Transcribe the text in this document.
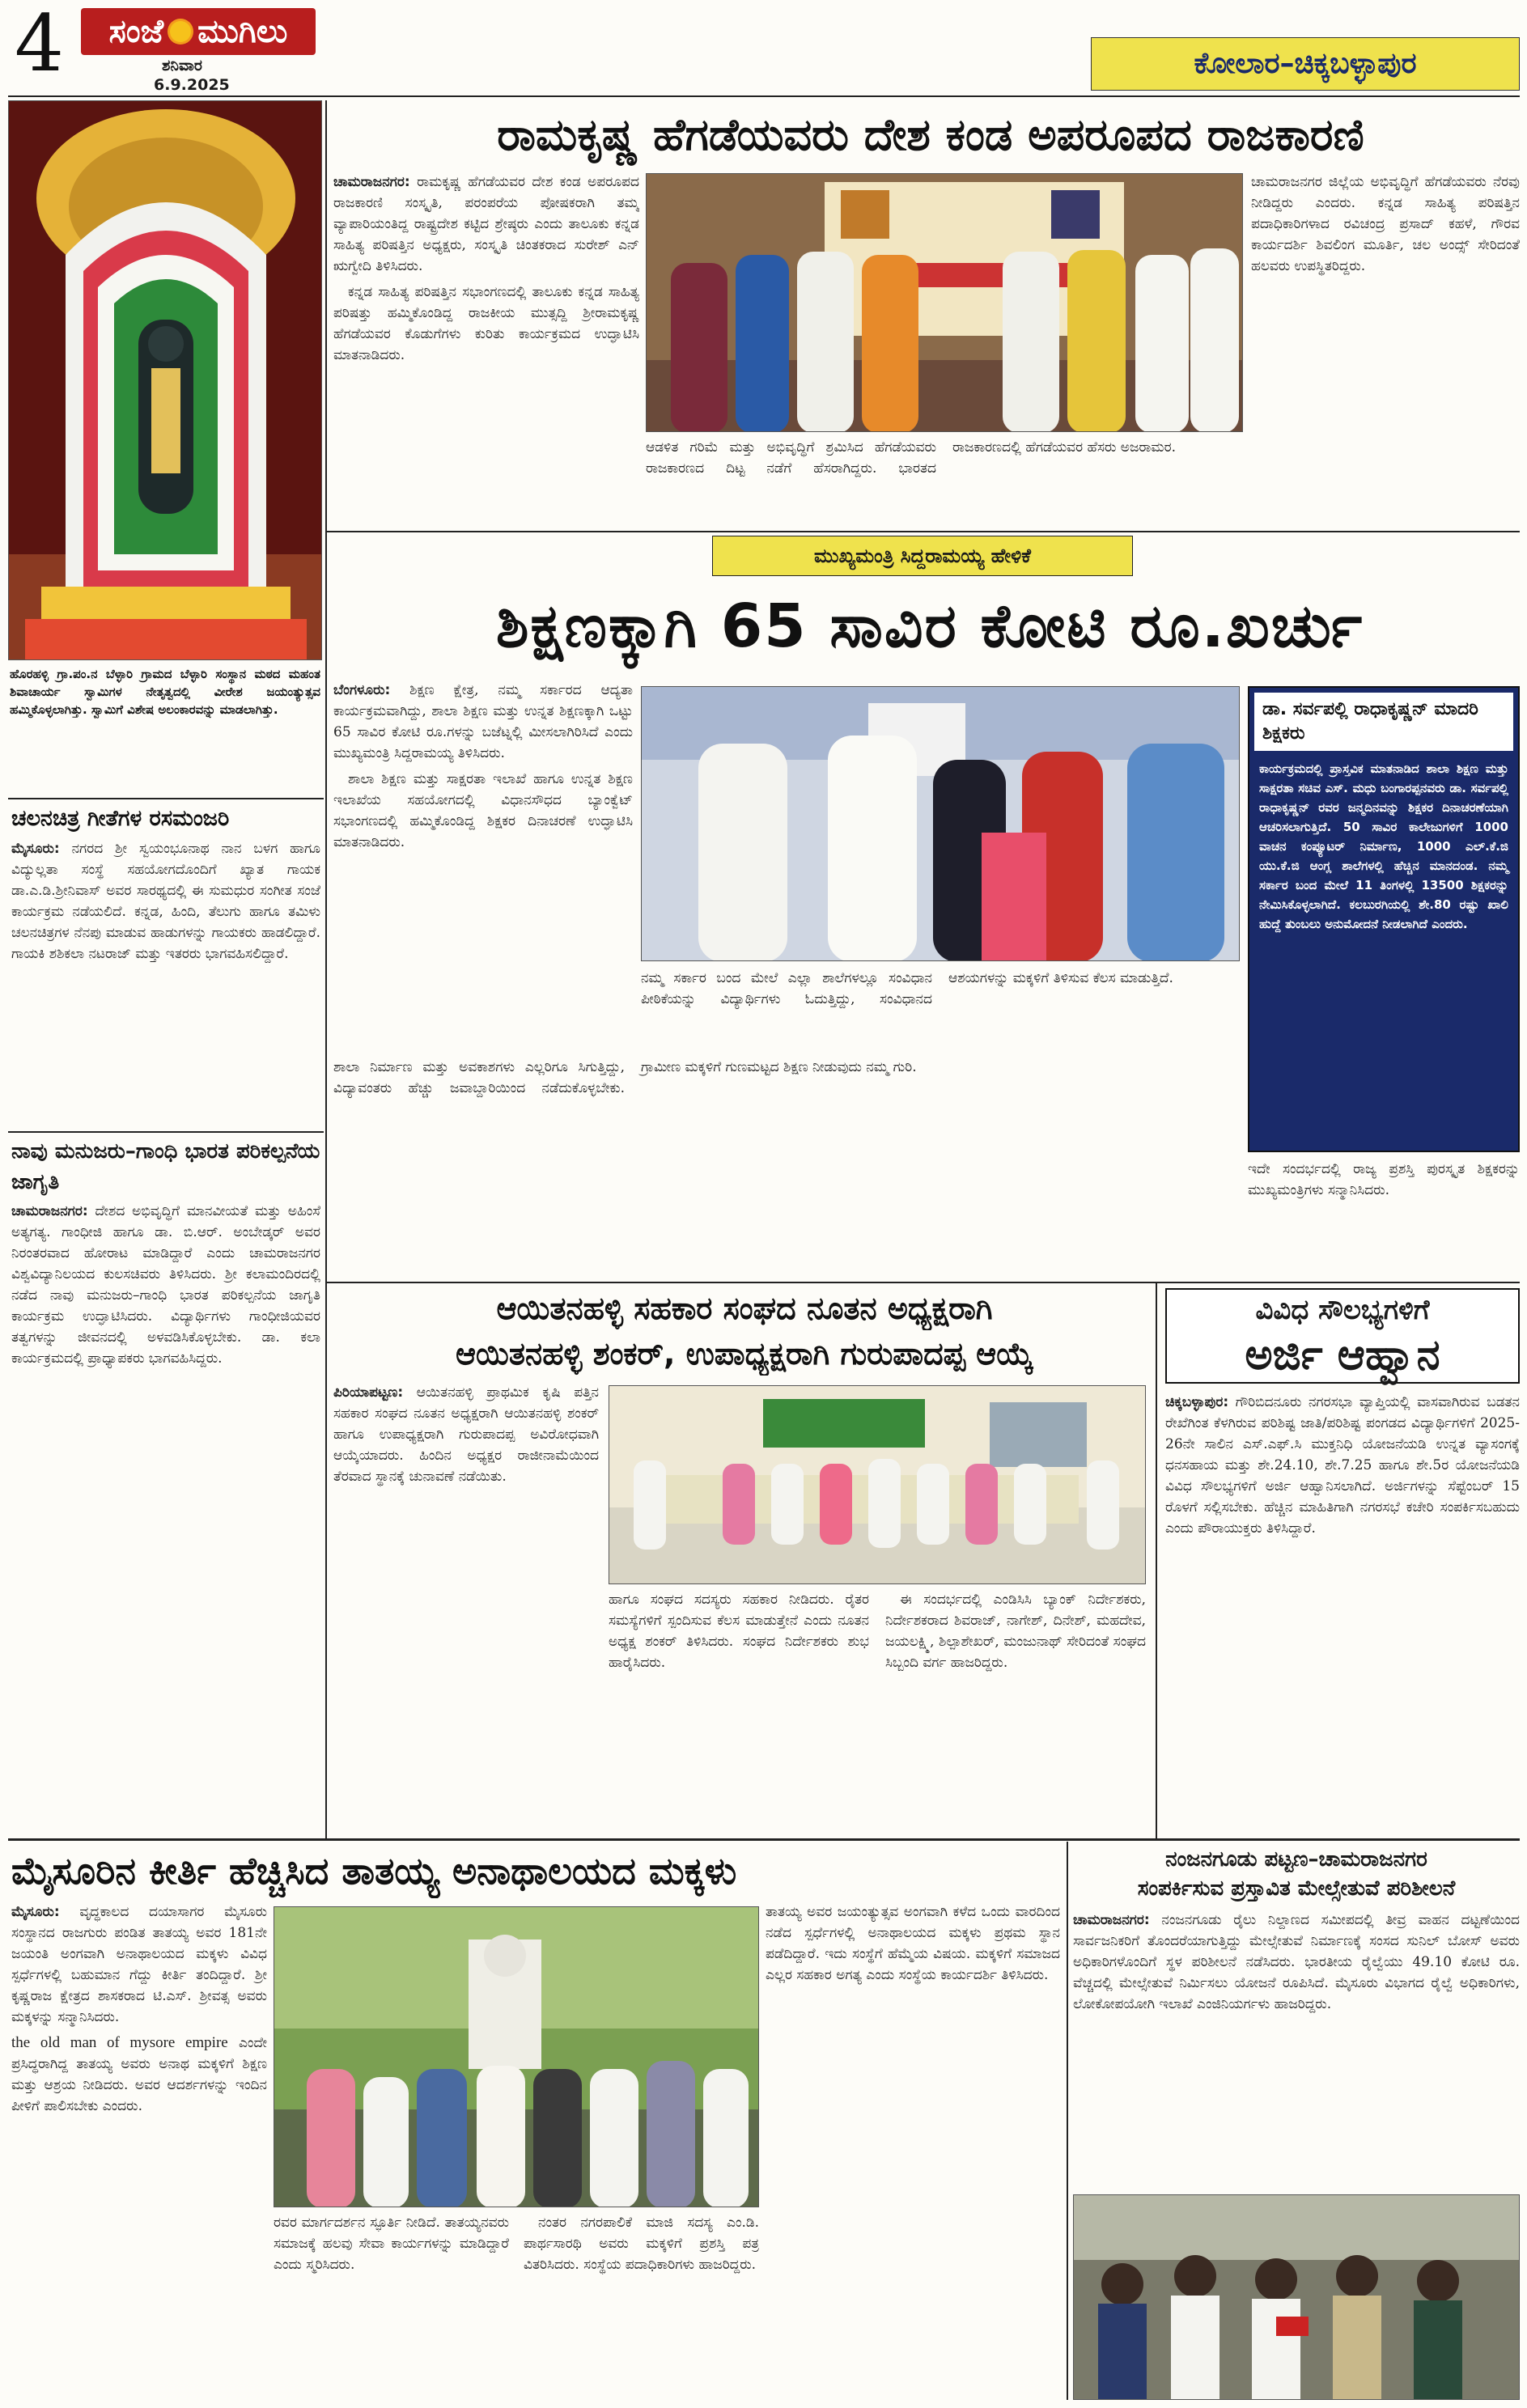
4 ಸಂಜೆ ಮುಗಿಲು
ಶನಿವಾರ
6.9.2025
ಕೋಲಾರ–ಚಿಕ್ಕಬಳ್ಳಾಪುರ
ಹೊರಹಳ್ಳಿ ಗ್ರಾ.ಪಂ.ನ ಬೆಳ್ಳಾರಿ ಗ್ರಾಮದ ಬೆಳ್ಳಾರಿ ಸಂಸ್ಥಾನ ಮಠದ ಮಹಂತ ಶಿವಾಚಾರ್ಯ ಸ್ವಾಮಿಗಳ ನೇತೃತ್ವದಲ್ಲಿ ವೀರೇಶ ಜಯಂತ್ಯುತ್ಸವ ಹಮ್ಮಿಕೊಳ್ಳಲಾಗಿತ್ತು. ಸ್ವಾಮಿಗೆ ವಿಶೇಷ ಅಲಂಕಾರವನ್ನು ಮಾಡಲಾಗಿತ್ತು.
ಚಲನಚಿತ್ರ ಗೀತೆಗಳ ರಸಮಂಜರಿ

ಮೈಸೂರು: ನಗರದ ಶ್ರೀ ಸ್ವಯಂಭೂನಾಥ ನಾನ ಬಳಗ ಹಾಗೂ ವಿದ್ಯುಲ್ಲತಾ ಸಂಸ್ಥೆ ಸಹಯೋಗದೊಂದಿಗೆ ಖ್ಯಾತ ಗಾಯಕ ಡಾ.ಎ.ಡಿ.ಶ್ರೀನಿವಾಸ್ ಅವರ ಸಾರಥ್ಯದಲ್ಲಿ ಈ ಸುಮಧುರ ಸಂಗೀತ ಸಂಜೆ ಕಾರ್ಯಕ್ರಮ ನಡೆಯಲಿದೆ. ಕನ್ನಡ, ಹಿಂದಿ, ತೆಲುಗು ಹಾಗೂ ತಮಿಳು ಚಲನಚಿತ್ರಗಳ ನೆನಪು ಮಾಡುವ ಹಾಡುಗಳನ್ನು ಗಾಯಕರು ಹಾಡಲಿದ್ದಾರೆ. ಗಾಯಕಿ ಶಶಿಕಲಾ ನಟರಾಜ್ ಮತ್ತು ಇತರರು ಭಾಗವಹಿಸಲಿದ್ದಾರೆ.

ನಾವು ಮನುಜರು–ಗಾಂಧಿ ಭಾರತ ಪರಿಕಲ್ಪನೆಯ ಜಾಗೃತಿ

ಚಾಮರಾಜನಗರ: ದೇಶದ ಅಭಿವೃದ್ಧಿಗೆ ಮಾನವೀಯತೆ ಮತ್ತು ಅಹಿಂಸೆ ಅತ್ಯಗತ್ಯ. ಗಾಂಧೀಜಿ ಹಾಗೂ ಡಾ. ಬಿ.ಆರ್. ಅಂಬೇಡ್ಕರ್ ಅವರ ನಿರಂತರವಾದ ಹೋರಾಟ ಮಾಡಿದ್ದಾರೆ ಎಂದು ಚಾಮರಾಜನಗರ ವಿಶ್ವವಿದ್ಯಾನಿಲಯದ ಕುಲಸಚಿವರು ತಿಳಿಸಿದರು. ಶ್ರೀ ಕಲಾಮಂದಿರದಲ್ಲಿ ನಡೆದ ನಾವು ಮನುಜರು–ಗಾಂಧಿ ಭಾರತ ಪರಿಕಲ್ಪನೆಯ ಜಾಗೃತಿ ಕಾರ್ಯಕ್ರಮ ಉದ್ಘಾಟಿಸಿದರು. ವಿದ್ಯಾರ್ಥಿಗಳು ಗಾಂಧೀಜಿಯವರ ತತ್ವಗಳನ್ನು ಜೀವನದಲ್ಲಿ ಅಳವಡಿಸಿಕೊಳ್ಳಬೇಕು. ಡಾ. ಕಲಾ ಕಾರ್ಯಕ್ರಮದಲ್ಲಿ ಪ್ರಾಧ್ಯಾಪಕರು ಭಾಗವಹಿಸಿದ್ದರು.

ರಾಮಕೃಷ್ಣ ಹೆಗಡೆಯವರು ದೇಶ ಕಂಡ ಅಪರೂಪದ ರಾಜಕಾರಣಿ

ಚಾಮರಾಜನಗರ: ರಾಮಕೃಷ್ಣ ಹೆಗಡೆಯವರ ದೇಶ ಕಂಡ ಅಪರೂಪದ ರಾಜಕಾರಣಿ ಸಂಸ್ಕೃತಿ, ಪರಂಪರೆಯ ಪೋಷಕರಾಗಿ ತಮ್ಮ ವ್ಯಾಪಾರಿಯಂತಿದ್ದ ರಾಷ್ಟ್ರದೇಶ ಕಟ್ಟಿದ ಶ್ರೇಷ್ಠರು ಎಂದು ತಾಲೂಕು ಕನ್ನಡ ಸಾಹಿತ್ಯ ಪರಿಷತ್ತಿನ ಅಧ್ಯಕ್ಷರು, ಸಂಸ್ಕೃತಿ ಚಿಂತಕರಾದ ಸುರೇಶ್ ಎನ್ ಋಗ್ವೇದಿ ತಿಳಿಸಿದರು.

ಕನ್ನಡ ಸಾಹಿತ್ಯ ಪರಿಷತ್ತಿನ ಸಭಾಂಗಣದಲ್ಲಿ ತಾಲೂಕು ಕನ್ನಡ ಸಾಹಿತ್ಯ ಪರಿಷತ್ತು ಹಮ್ಮಿಕೊಂಡಿದ್ದ ರಾಜಕೀಯ ಮುತ್ಸದ್ದಿ ಶ್ರೀರಾಮಕೃಷ್ಣ ಹೆಗಡೆಯವರ ಕೊಡುಗೆಗಳು ಕುರಿತು ಕಾರ್ಯಕ್ರಮದ ಉದ್ಘಾಟಿಸಿ ಮಾತನಾಡಿದರು.

ಆಡಳಿತ ಗರಿಮೆ ಮತ್ತು ಅಭಿವೃದ್ಧಿಗೆ ಶ್ರಮಿಸಿದ ಹೆಗಡೆಯವರು ರಾಜಕಾರಣದ ದಿಟ್ಟ ನಡೆಗೆ ಹೆಸರಾಗಿದ್ದರು. ಭಾರತದ ರಾಜಕಾರಣದಲ್ಲಿ ಹೆಗಡೆಯವರ ಹೆಸರು ಅಜರಾಮರ.

ಚಾಮರಾಜನಗರ ಜಿಲ್ಲೆಯ ಅಭಿವೃದ್ಧಿಗೆ ಹೆಗಡೆಯವರು ನೆರವು ನೀಡಿದ್ದರು ಎಂದರು. ಕನ್ನಡ ಸಾಹಿತ್ಯ ಪರಿಷತ್ತಿನ ಪದಾಧಿಕಾರಿಗಳಾದ ರವಿಚಂದ್ರ ಪ್ರಸಾದ್ ಕಹಳೆ, ಗೌರವ ಕಾರ್ಯದರ್ಶಿ ಶಿವಲಿಂಗ ಮೂರ್ತಿ, ಚಲ ಅಂದ್ಸ್ ಸೇರಿದಂತೆ ಹಲವರು ಉಪಸ್ಥಿತರಿದ್ದರು.

ಮುಖ್ಯಮಂತ್ರಿ ಸಿದ್ದರಾಮಯ್ಯ ಹೇಳಿಕೆ
ಶಿಕ್ಷಣಕ್ಕಾಗಿ 65 ಸಾವಿರ ಕೋಟಿ ರೂ.ಖರ್ಚು

ಬೆಂಗಳೂರು: ಶಿಕ್ಷಣ ಕ್ಷೇತ್ರ, ನಮ್ಮ ಸರ್ಕಾರದ ಆದ್ಯತಾ ಕಾರ್ಯಕ್ರಮವಾಗಿದ್ದು, ಶಾಲಾ ಶಿಕ್ಷಣ ಮತ್ತು ಉನ್ನತ ಶಿಕ್ಷಣಕ್ಕಾಗಿ ಒಟ್ಟು 65 ಸಾವಿರ ಕೋಟಿ ರೂ.ಗಳನ್ನು ಬಜೆಟ್ನಲ್ಲಿ ಮೀಸಲಾಗಿರಿಸಿದೆ ಎಂದು ಮುಖ್ಯಮಂತ್ರಿ ಸಿದ್ದರಾಮಯ್ಯ ತಿಳಿಸಿದರು.

ಶಾಲಾ ಶಿಕ್ಷಣ ಮತ್ತು ಸಾಕ್ಷರತಾ ಇಲಾಖೆ ಹಾಗೂ ಉನ್ನತ ಶಿಕ್ಷಣ ಇಲಾಖೆಯ ಸಹಯೋಗದಲ್ಲಿ ವಿಧಾನಸೌಧದ ಬ್ಯಾಂಕ್ವೆಟ್ ಸಭಾಂಗಣದಲ್ಲಿ ಹಮ್ಮಿಕೊಂಡಿದ್ದ ಶಿಕ್ಷಕರ ದಿನಾಚರಣೆ ಉದ್ಘಾಟಿಸಿ ಮಾತನಾಡಿದರು.

ನಮ್ಮ ಸರ್ಕಾರ ಬಂದ ಮೇಲೆ ಎಲ್ಲಾ ಶಾಲೆಗಳಲ್ಲೂ ಸಂವಿಧಾನ ಪೀಠಿಕೆಯನ್ನು ವಿದ್ಯಾರ್ಥಿಗಳು ಓದುತ್ತಿದ್ದು, ಸಂವಿಧಾನದ ಆಶಯಗಳನ್ನು ಮಕ್ಕಳಿಗೆ ತಿಳಿಸುವ ಕೆಲಸ ಮಾಡುತ್ತಿದೆ.

ಶಾಲಾ ನಿರ್ಮಾಣ ಮತ್ತು ಅವಕಾಶಗಳು ಎಲ್ಲರಿಗೂ ಸಿಗುತ್ತಿದ್ದು, ವಿದ್ಯಾವಂತರು ಹೆಚ್ಚು ಜವಾಬ್ದಾರಿಯಿಂದ ನಡೆದುಕೊಳ್ಳಬೇಕು. ಗ್ರಾಮೀಣ ಮಕ್ಕಳಿಗೆ ಗುಣಮಟ್ಟದ ಶಿಕ್ಷಣ ನೀಡುವುದು ನಮ್ಮ ಗುರಿ.

ಡಾ. ಸರ್ವಪಲ್ಲಿ ರಾಧಾಕೃಷ್ಣನ್ ಮಾದರಿ ಶಿಕ್ಷಕರು
ಕಾರ್ಯಕ್ರಮದಲ್ಲಿ ಪ್ರಾಸ್ತವಿಕ ಮಾತನಾಡಿದ ಶಾಲಾ ಶಿಕ್ಷಣ ಮತ್ತು ಸಾಕ್ಷರತಾ ಸಚಿವ ಎಸ್. ಮಧು ಬಂಗಾರಪ್ಪನವರು ಡಾ. ಸರ್ವಪಲ್ಲಿ ರಾಧಾಕೃಷ್ಣನ್ ರವರ ಜನ್ಮದಿನವನ್ನು ಶಿಕ್ಷಕರ ದಿನಾಚರಣೆಯಾಗಿ ಆಚರಿಸಲಾಗುತ್ತಿದೆ. 50 ಸಾವಿರ ಕಾಲೇಜುಗಳಿಗೆ 1000 ವಾಚನ ಕಂಪ್ಯೂಟರ್ ನಿರ್ಮಾಣ, 1000 ಎಲ್.ಕೆ.ಜಿ ಯು.ಕೆ.ಜಿ ಆಂಗ್ಲ ಶಾಲೆಗಳಲ್ಲಿ ಹೆಚ್ಚಿನ ಮಾನದಂಡ. ನಮ್ಮ ಸರ್ಕಾರ ಬಂದ ಮೇಲೆ 11 ತಿಂಗಳಲ್ಲಿ 13500 ಶಿಕ್ಷಕರನ್ನು ನೇಮಿಸಿಕೊಳ್ಳಲಾಗಿದೆ. ಕಲಬುರಗಿಯಲ್ಲಿ ಶೇ.80 ರಷ್ಟು ಖಾಲಿ ಹುದ್ದೆ ತುಂಬಲು ಅನುಮೋದನೆ ನೀಡಲಾಗಿದೆ ಎಂದರು.

ಇದೇ ಸಂದರ್ಭದಲ್ಲಿ ರಾಜ್ಯ ಪ್ರಶಸ್ತಿ ಪುರಸ್ಕೃತ ಶಿಕ್ಷಕರನ್ನು ಮುಖ್ಯಮಂತ್ರಿಗಳು ಸನ್ಮಾನಿಸಿದರು.

ಆಯಿತನಹಳ್ಳಿ ಸಹಕಾರ ಸಂಘದ ನೂತನ ಅಧ್ಯಕ್ಷರಾಗಿ
ಆಯಿತನಹಳ್ಳಿ ಶಂಕರ್, ಉಪಾಧ್ಯಕ್ಷರಾಗಿ ಗುರುಪಾದಪ್ಪ ಆಯ್ಕೆ

ಪಿರಿಯಾಪಟ್ಟಣ: ಆಯಿತನಹಳ್ಳಿ ಪ್ರಾಥಮಿಕ ಕೃಷಿ ಪತ್ತಿನ ಸಹಕಾರ ಸಂಘದ ನೂತನ ಅಧ್ಯಕ್ಷರಾಗಿ ಆಯಿತನಹಳ್ಳಿ ಶಂಕರ್ ಹಾಗೂ ಉಪಾಧ್ಯಕ್ಷರಾಗಿ ಗುರುಪಾದಪ್ಪ ಅವಿರೋಧವಾಗಿ ಆಯ್ಕೆಯಾದರು. ಹಿಂದಿನ ಅಧ್ಯಕ್ಷರ ರಾಜೀನಾಮೆಯಿಂದ ತೆರವಾದ ಸ್ಥಾನಕ್ಕೆ ಚುನಾವಣೆ ನಡೆಯಿತು.

ಹಾಗೂ ಸಂಘದ ಸದಸ್ಯರು ಸಹಕಾರ ನೀಡಿದರು. ರೈತರ ಸಮಸ್ಯೆಗಳಿಗೆ ಸ್ಪಂದಿಸುವ ಕೆಲಸ ಮಾಡುತ್ತೇನೆ ಎಂದು ನೂತನ ಅಧ್ಯಕ್ಷ ಶಂಕರ್ ತಿಳಿಸಿದರು. ಸಂಘದ ನಿರ್ದೇಶಕರು ಶುಭ ಹಾರೈಸಿದರು.

ಈ ಸಂದರ್ಭದಲ್ಲಿ ಎಂಡಿಸಿಸಿ ಬ್ಯಾಂಕ್ ನಿರ್ದೇಶಕರು, ನಿರ್ದೇಶಕರಾದ ಶಿವರಾಜ್, ನಾಗೇಶ್, ದಿನೇಶ್, ಮಹದೇವ, ಜಯಲಕ್ಷ್ಮಿ, ಶಿಲ್ಪಾಶೇಖರ್, ಮಂಜುನಾಥ್ ಸೇರಿದಂತೆ ಸಂಘದ ಸಿಬ್ಬಂದಿ ವರ್ಗ ಹಾಜರಿದ್ದರು.

ವಿವಿಧ ಸೌಲಭ್ಯಗಳಿಗೆ
ಅರ್ಜಿ ಆಹ್ವಾನ

ಚಿಕ್ಕಬಳ್ಳಾಪುರ: ಗೌರಿಬಿದನೂರು ನಗರಸಭಾ ವ್ಯಾಪ್ತಿಯಲ್ಲಿ ವಾಸವಾಗಿರುವ ಬಡತನ ರೇಖೆಗಿಂತ ಕೆಳಗಿರುವ ಪರಿಶಿಷ್ಟ ಜಾತಿ/ಪರಿಶಿಷ್ಟ ಪಂಗಡದ ವಿದ್ಯಾರ್ಥಿಗಳಿಗೆ 2025-26ನೇ ಸಾಲಿನ ಎಸ್.ಎಫ್.ಸಿ ಮುಕ್ತನಿಧಿ ಯೋಜನೆಯಡಿ ಉನ್ನತ ವ್ಯಾಸಂಗಕ್ಕೆ ಧನಸಹಾಯ ಮತ್ತು ಶೇ.24.10, ಶೇ.7.25 ಹಾಗೂ ಶೇ.5ರ ಯೋಜನೆಯಡಿ ವಿವಿಧ ಸೌಲಭ್ಯಗಳಿಗೆ ಅರ್ಜಿ ಆಹ್ವಾನಿಸಲಾಗಿದೆ. ಅರ್ಜಿಗಳನ್ನು ಸೆಪ್ಟೆಂಬರ್ 15 ರೊಳಗೆ ಸಲ್ಲಿಸಬೇಕು. ಹೆಚ್ಚಿನ ಮಾಹಿತಿಗಾಗಿ ನಗರಸಭೆ ಕಚೇರಿ ಸಂಪರ್ಕಿಸಬಹುದು ಎಂದು ಪೌರಾಯುಕ್ತರು ತಿಳಿಸಿದ್ದಾರೆ.

ಮೈಸೂರಿನ ಕೀರ್ತಿ ಹೆಚ್ಚಿಸಿದ ತಾತಯ್ಯ ಅನಾಥಾಲಯದ ಮಕ್ಕಳು

ಮೈಸೂರು: ವೃದ್ಧಕಾಲದ ದಯಾಸಾಗರ ಮೈಸೂರು ಸಂಸ್ಥಾನದ ರಾಜಗುರು ಪಂಡಿತ ತಾತಯ್ಯ ಅವರ 181ನೇ ಜಯಂತಿ ಅಂಗವಾಗಿ ಅನಾಥಾಲಯದ ಮಕ್ಕಳು ವಿವಿಧ ಸ್ಪರ್ಧೆಗಳಲ್ಲಿ ಬಹುಮಾನ ಗೆದ್ದು ಕೀರ್ತಿ ತಂದಿದ್ದಾರೆ. ಶ್ರೀ ಕೃಷ್ಣರಾಜ ಕ್ಷೇತ್ರದ ಶಾಸಕರಾದ ಟಿ.ಎಸ್. ಶ್ರೀವತ್ಸ ಅವರು ಮಕ್ಕಳನ್ನು ಸನ್ಮಾನಿಸಿದರು.

the old man of mysore empire ಎಂದೇ ಪ್ರಸಿದ್ಧರಾಗಿದ್ದ ತಾತಯ್ಯ ಅವರು ಅನಾಥ ಮಕ್ಕಳಿಗೆ ಶಿಕ್ಷಣ ಮತ್ತು ಆಶ್ರಯ ನೀಡಿದರು. ಅವರ ಆದರ್ಶಗಳನ್ನು ಇಂದಿನ ಪೀಳಿಗೆ ಪಾಲಿಸಬೇಕು ಎಂದರು.

ರವರ ಮಾರ್ಗದರ್ಶನ ಸ್ಫೂರ್ತಿ ನೀಡಿದೆ. ತಾತಯ್ಯನವರು ಸಮಾಜಕ್ಕೆ ಹಲವು ಸೇವಾ ಕಾರ್ಯಗಳನ್ನು ಮಾಡಿದ್ದಾರೆ ಎಂದು ಸ್ಮರಿಸಿದರು.

ನಂತರ ನಗರಪಾಲಿಕೆ ಮಾಜಿ ಸದಸ್ಯ ಎಂ.ಡಿ. ಪಾರ್ಥಸಾರಥಿ ಅವರು ಮಕ್ಕಳಿಗೆ ಪ್ರಶಸ್ತಿ ಪತ್ರ ವಿತರಿಸಿದರು. ಸಂಸ್ಥೆಯ ಪದಾಧಿಕಾರಿಗಳು ಹಾಜರಿದ್ದರು.

ತಾತಯ್ಯ ಅವರ ಜಯಂತ್ಯುತ್ಸವ ಅಂಗವಾಗಿ ಕಳೆದ ಒಂದು ವಾರದಿಂದ ನಡೆದ ಸ್ಪರ್ಧೆಗಳಲ್ಲಿ ಅನಾಥಾಲಯದ ಮಕ್ಕಳು ಪ್ರಥಮ ಸ್ಥಾನ ಪಡೆದಿದ್ದಾರೆ. ಇದು ಸಂಸ್ಥೆಗೆ ಹೆಮ್ಮೆಯ ವಿಷಯ. ಮಕ್ಕಳಿಗೆ ಸಮಾಜದ ಎಲ್ಲರ ಸಹಕಾರ ಅಗತ್ಯ ಎಂದು ಸಂಸ್ಥೆಯ ಕಾರ್ಯದರ್ಶಿ ತಿಳಿಸಿದರು.

ನಂಜನಗೂಡು ಪಟ್ಟಣ–ಚಾಮರಾಜನಗರ
ಸಂಪರ್ಕಿಸುವ ಪ್ರಸ್ತಾವಿತ ಮೇಲ್ಸೇತುವೆ ಪರಿಶೀಲನೆ

ಚಾಮರಾಜನಗರ: ನಂಜನಗೂಡು ರೈಲು ನಿಲ್ದಾಣದ ಸಮೀಪದಲ್ಲಿ ತೀವ್ರ ವಾಹನ ದಟ್ಟಣೆಯಿಂದ ಸಾರ್ವಜನಿಕರಿಗೆ ತೊಂದರೆಯಾಗುತ್ತಿದ್ದು ಮೇಲ್ಸೇತುವೆ ನಿರ್ಮಾಣಕ್ಕೆ ಸಂಸದ ಸುನಿಲ್ ಬೋಸ್ ಅವರು ಅಧಿಕಾರಿಗಳೊಂದಿಗೆ ಸ್ಥಳ ಪರಿಶೀಲನೆ ನಡೆಸಿದರು. ಭಾರತೀಯ ರೈಲ್ವೆಯು 49.10 ಕೋಟಿ ರೂ. ವೆಚ್ಚದಲ್ಲಿ ಮೇಲ್ಸೇತುವೆ ನಿರ್ಮಿಸಲು ಯೋಜನೆ ರೂಪಿಸಿದೆ. ಮೈಸೂರು ವಿಭಾಗದ ರೈಲ್ವೆ ಅಧಿಕಾರಿಗಳು, ಲೋಕೋಪಯೋಗಿ ಇಲಾಖೆ ಎಂಜಿನಿಯರ್ಗಳು ಹಾಜರಿದ್ದರು.
